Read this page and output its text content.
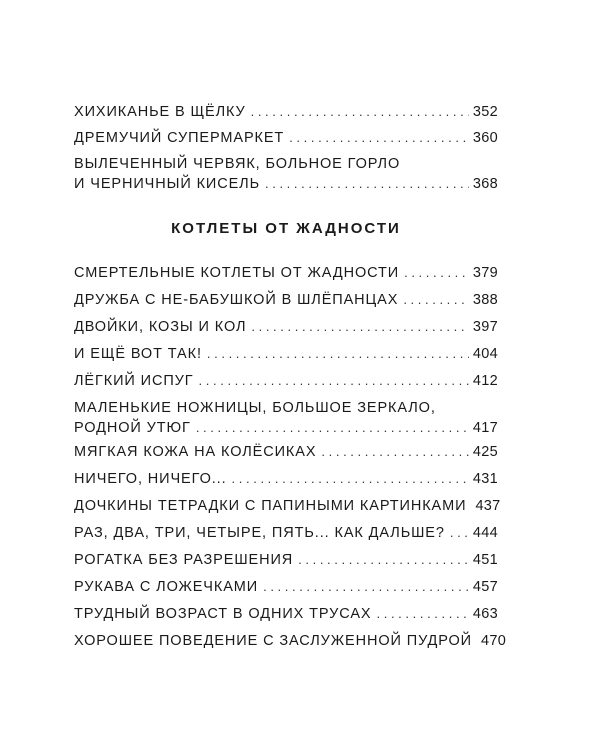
ХИХИКАНЬЕ В ЩЁЛКУ . . .	352
ДРЕМУЧИЙ СУПЕРМАРКЕТ . . .	360
ВЫЛЕЧЕННЫЙ ЧЕРВЯК, БОЛЬНОЕ ГОРЛО
И ЧЕРНИЧНЫЙ КИСЕЛЬ . . .	368
КОТЛЕТЫ ОТ ЖАДНОСТИ
СМЕРТЕЛЬНЫЕ КОТЛЕТЫ ОТ ЖАДНОСТИ . . .	379
ДРУЖБА С НЕ-БАБУШКОЙ В ШЛЁПАНЦАХ . . .	388
ДВОЙКИ, КОЗЫ И КОЛ . . .	397
И ЕЩЁ ВОТ ТАК! . . .	404
ЛЁГКИЙ ИСПУГ . . .	412
МАЛЕНЬКИЕ НОЖНИЦЫ, БОЛЬШОЕ ЗЕРКАЛО,
РОДНОЙ УТЮГ . . .	417
МЯГКАЯ КОЖА НА КОЛЁСИКАХ . . .	425
НИЧЕГО, НИЧЕГО... . . .	431
ДОЧКИНЫ ТЕТРАДКИ С ПАПИНЫМИ КАРТИНКАМИ 437
РАЗ, ДВА, ТРИ, ЧЕТЫРЕ, ПЯТЬ... КАК ДАЛЬШЕ? . . . 444
РОГАТКА БЕЗ РАЗРЕШЕНИЯ . . .	451
РУКАВА С ЛОЖЕЧКАМИ . . .	457
ТРУДНЫЙ ВОЗРАСТ В ОДНИХ ТРУСАХ . . .	463
ХОРОШЕЕ ПОВЕДЕНИЕ С ЗАСЛУЖЕННОЙ ПУДРОЙ 470
